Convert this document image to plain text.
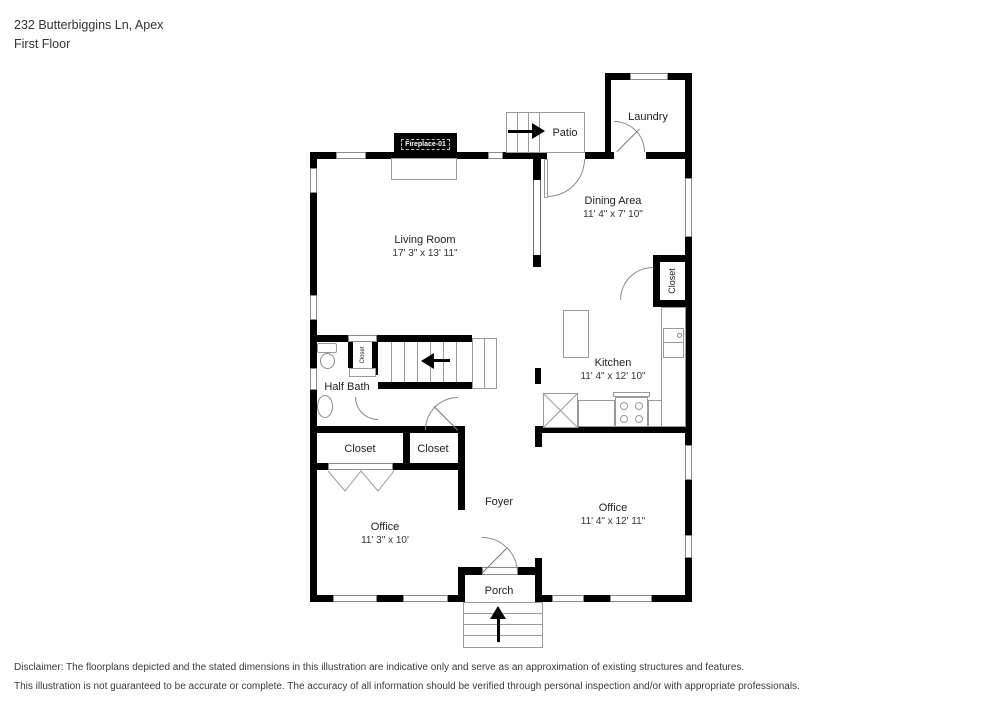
232 Butterbiggins Ln, Apex
First Floor
Fireplace-01
Living Room
17' 3" x 13' 11"
Dining Area
11' 4" x 7' 10"
Kitchen
11' 4" x 12' 10"
Office
11' 3" x 10'
Office
11' 4" x 12' 11"
Laundry
Patio
Porch
Foyer
Half Bath
Closet	Closet
Closet
Closet
Disclaimer: The floorplans depicted and the stated dimensions in this illustration are indicative only and serve as an approximation of existing structures and features.
This illustration is not guaranteed to be accurate or complete. The accuracy of all information should be verified through personal inspection and/or with appropriate professionals.
